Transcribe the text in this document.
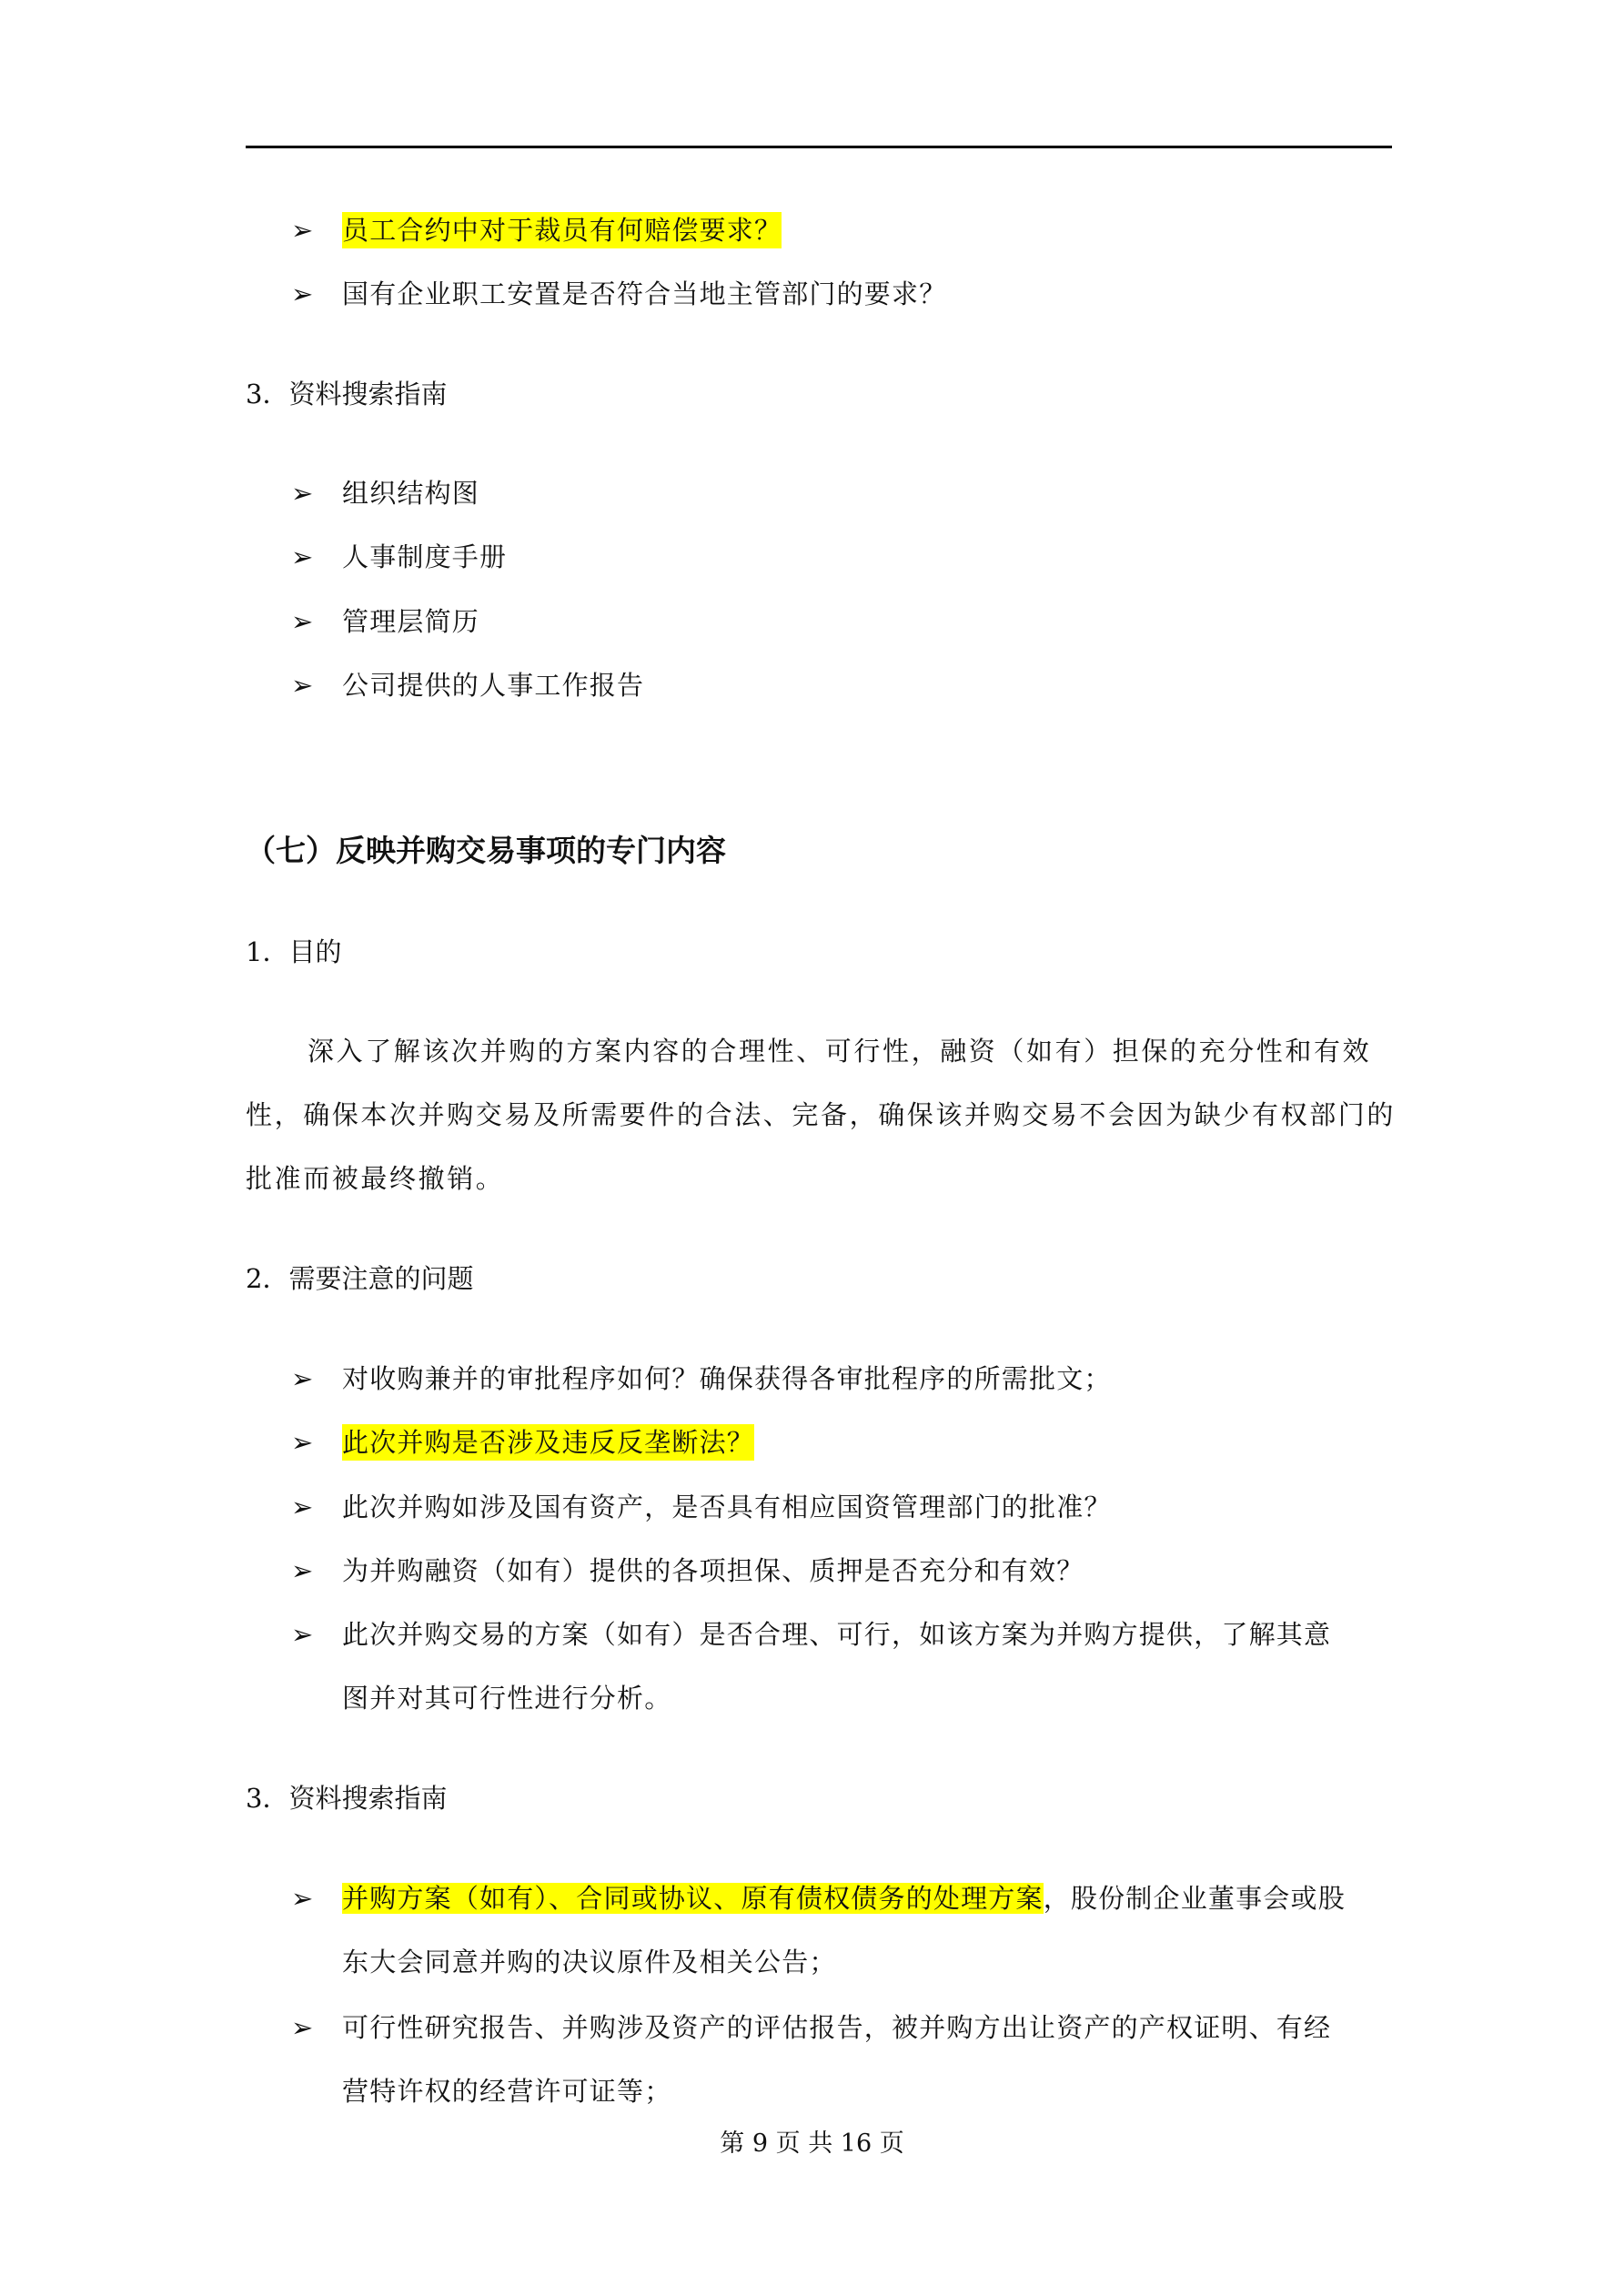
➢ 员工合约中对于裁员有何赔偿要求？
➢ 国有企业职工安置是否符合当地主管部门的要求？
3．资料搜索指南
➢ 组织结构图
➢ 人事制度手册
➢ 管理层简历
➢ 公司提供的人事工作报告
（七）反映并购交易事项的专门内容
1．目的
深入了解该次并购的方案内容的合理性、可行性，融资（如有）担保的充分性和有效
性，确保本次并购交易及所需要件的合法、完备，确保该并购交易不会因为缺少有权部门的
批准而被最终撤销。
2．需要注意的问题
➢ 对收购兼并的审批程序如何？确保获得各审批程序的所需批文；
➢ 此次并购是否涉及违反反垄断法？
➢ 此次并购如涉及国有资产，是否具有相应国资管理部门的批准？
➢ 为并购融资（如有）提供的各项担保、质押是否充分和有效？
➢ 此次并购交易的方案（如有）是否合理、可行，如该方案为并购方提供，了解其意
图并对其可行性进行分析。
3．资料搜索指南
➢ 并购方案（如有）、合同或协议、原有债权债务的处理方案，股份制企业董事会或股
东大会同意并购的决议原件及相关公告；
➢ 可行性研究报告、并购涉及资产的评估报告，被并购方出让资产的产权证明、有经
营特许权的经营许可证等；
第 9 页 共 16 页
